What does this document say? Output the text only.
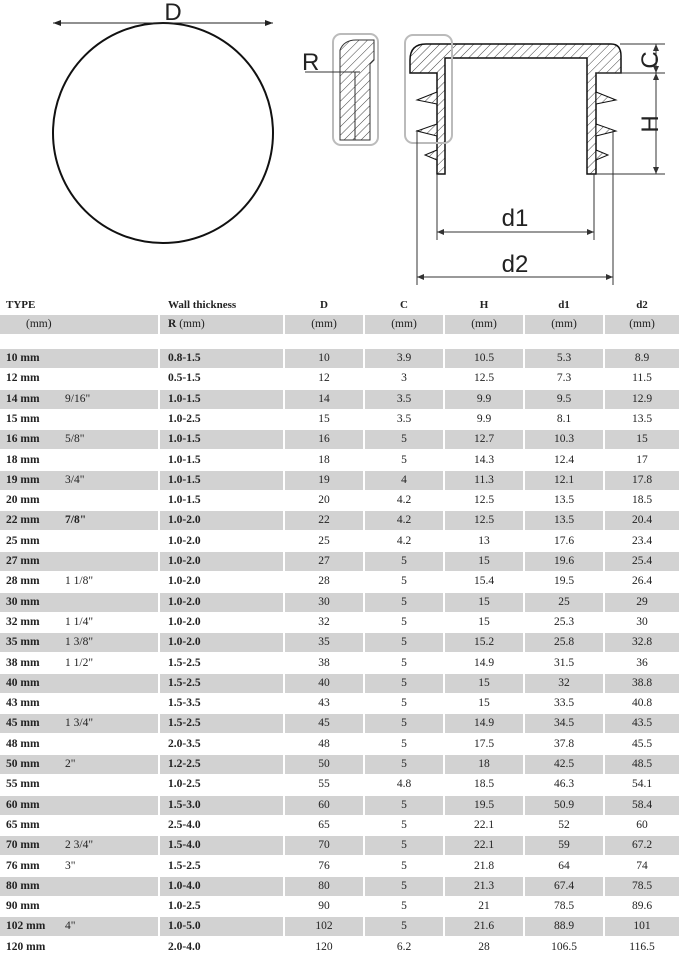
D
R	C
H
d1
d2
TYPE	Wall thickness	D	C	H	d1	d2
(mm)	R (mm)	(mm)	(mm)	(mm)	(mm)	(mm)
10 mm	0.8-1.5	10	3.9	10.5	5.3	8.9
12 mm	0.5-1.5	12	3	12.5	7.3	11.5
14 mm 9/16"	1.0-1.5	14	3.5	9.9	9.5	12.9
15 mm	1.0-2.5	15	3.5	9.9	8.1	13.5
16 mm 5/8"	1.0-1.5	16	5	12.7	10.3	15
18 mm	1.0-1.5	18	5	14.3	12.4	17
19 mm 3/4"	1.0-1.5	19	4	11.3	12.1	17.8
20 mm	1.0-1.5	20	4.2	12.5	13.5	18.5
22 mm 7/8"	1.0-2.0	22	4.2	12.5	13.5	20.4
25 mm	1.0-2.0	25	4.2	13	17.6	23.4
27 mm	1.0-2.0	27	5	15	19.6	25.4
28 mm 1 1/8"	1.0-2.0	28	5	15.4	19.5	26.4
30 mm	1.0-2.0	30	5	15	25	29
32 mm 1 1/4"	1.0-2.0	32	5	15	25.3	30
35 mm 1 3/8"	1.0-2.0	35	5	15.2	25.8	32.8
38 mm 1 1/2"	1.5-2.5	38	5	14.9	31.5	36
40 mm	1.5-2.5	40	5	15	32	38.8
43 mm	1.5-3.5	43	5	15	33.5	40.8
45 mm 1 3/4"	1.5-2.5	45	5	14.9	34.5	43.5
48 mm	2.0-3.5	48	5	17.5	37.8	45.5
50 mm 2"	1.2-2.5	50	5	18	42.5	48.5
55 mm	1.0-2.5	55	4.8	18.5	46.3	54.1
60 mm	1.5-3.0	60	5	19.5	50.9	58.4
65 mm	2.5-4.0	65	5	22.1	52	60
70 mm 2 3/4"	1.5-4.0	70	5	22.1	59	67.2
76 mm 3"	1.5-2.5	76	5	21.8	64	74
80 mm	1.0-4.0	80	5	21.3	67.4	78.5
90 mm	1.0-2.5	90	5	21	78.5	89.6
102 mm 4"	1.0-5.0	102	5	21.6	88.9	101
120 mm	2.0-4.0	120	6.2	28	106.5	116.5
